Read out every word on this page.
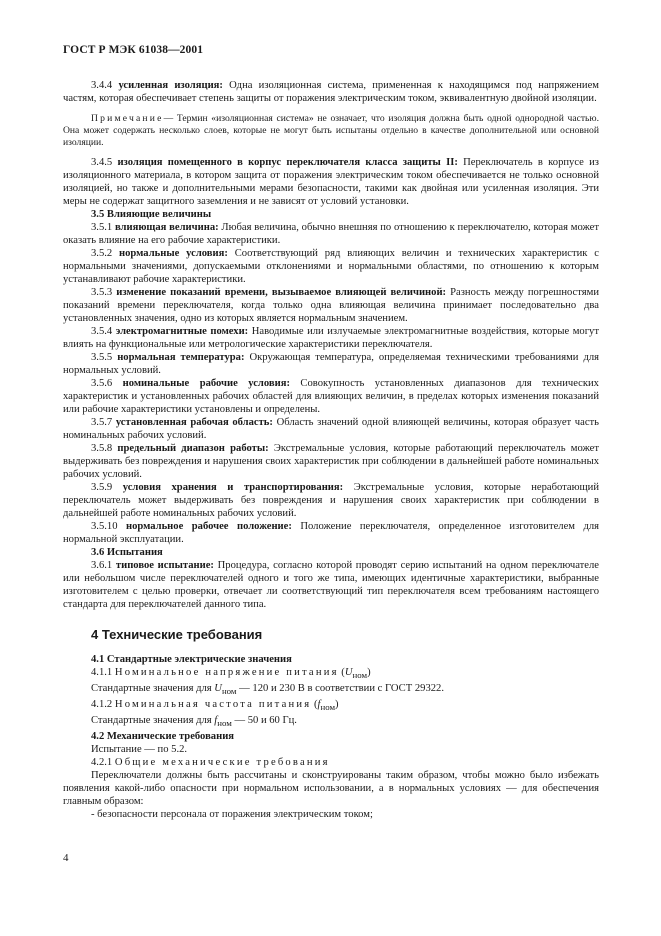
ГОСТ Р МЭК 61038—2001

3.4.4 усиленная изоляция: Одна изоляционная система, примененная к находящимся под напряжением частям, которая обеспечивает степень защиты от поражения электрическим током, эквивалентную двойной изоляции.

Примечание— Термин «изоляционная система» не означает, что изоляция должна быть одной однородной частью. Она может содержать несколько слоев, которые не могут быть испытаны отдельно в качестве дополнительной или основной изоляции.

3.4.5 изоляция помещенного в корпус переключателя класса защиты II: Переключатель в корпусе из изоляционного материала, в котором защита от поражения электрическим током обеспечивается не только основной изоляцией, но также и дополнительными мерами безопасности, такими как двойная или усиленная изоляция. Эти меры не содержат защитного заземления и не зависят от условий установки.

3.5 Влияющие величины

3.5.1 влияющая величина: Любая величина, обычно внешняя по отношению к переключателю, которая может оказать влияние на его рабочие характеристики.

3.5.2 нормальные условия: Соответствующий ряд влияющих величин и технических характеристик с нормальными значениями, допускаемыми отклонениями и нормальными областями, по отношению к которым устанавливают рабочие характеристики.

3.5.3 изменение показаний времени, вызываемое влияющей величиной: Разность между погрешностями показаний времени переключателя, когда только одна влияющая величина принимает последовательно два установленных значения, одно из которых является нормальным значением.

3.5.4 электромагнитные помехи: Наводимые или излучаемые электромагнитные воздействия, которые могут влиять на функциональные или метрологические характеристики переключателя.

3.5.5 нормальная температура: Окружающая температура, определяемая техническими требованиями для нормальных условий.

3.5.6 номинальные рабочие условия: Совокупность установленных диапазонов для технических характеристик и установленных рабочих областей для влияющих величин, в пределах которых изменения показаний или рабочие характеристики установлены и определены.

3.5.7 установленная рабочая область: Область значений одной влияющей величины, которая образует часть номинальных рабочих условий.

3.5.8 предельный диапазон работы: Экстремальные условия, которые работающий переключатель может выдерживать без повреждения и нарушения своих характеристик при соблюдении в дальнейшей работе номинальных рабочих условий.

3.5.9 условия хранения и транспортирования: Экстремальные условия, которые неработающий переключатель может выдерживать без повреждения и нарушения своих характеристик при соблюдении в дальнейшей работе номинальных рабочих условий.

3.5.10 нормальное рабочее положение: Положение переключателя, определенное изготовителем для нормальной эксплуатации.

3.6 Испытания

3.6.1 типовое испытание: Процедура, согласно которой проводят серию испытаний на одном переключателе или небольшом числе переключателей одного и того же типа, имеющих идентичные характеристики, выбранные изготовителем с целью проверки, отвечает ли соответствующий тип переключателя всем требованиям настоящего стандарта для переключателей данного типа.

4 Технические требования

4.1 Стандартные электрические значения

4.1.1 Номинальное напряжение питания $(U_{ном})$

Стандартные значения для $U_{ном}$ — 120 и 230 В в соответствии с ГОСТ 29322.

4.1.2 Номинальная частота питания $(f_{ном})$

Стандартные значения для $f_{ном}$ — 50 и 60 Гц.

4.2 Механические требования

Испытание — по 5.2.

4.2.1 Общие механические требования

Переключатели должны быть рассчитаны и сконструированы таким образом, чтобы можно было избежать появления какой-либо опасности при нормальном использовании, а в нормальных условиях — для обеспечения главным образом:

- безопасности персонала от поражения электрическим током;

4
